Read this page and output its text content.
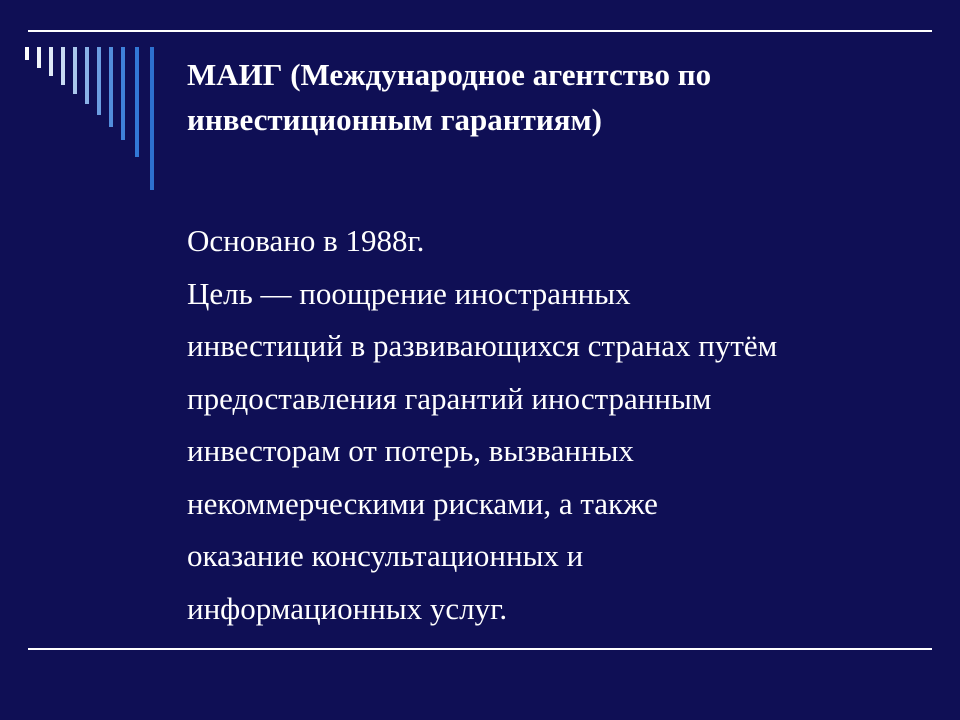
МАИГ (Международное агентство по
инвестиционным гарантиям)
Основано в 1988г.
Цель — поощрение иностранных
инвестиций в развивающихся странах путём
предоставления гарантий иностранным
инвесторам от потерь, вызванных
некоммерческими рисками, а также
оказание консультационных и
информационных услуг.
